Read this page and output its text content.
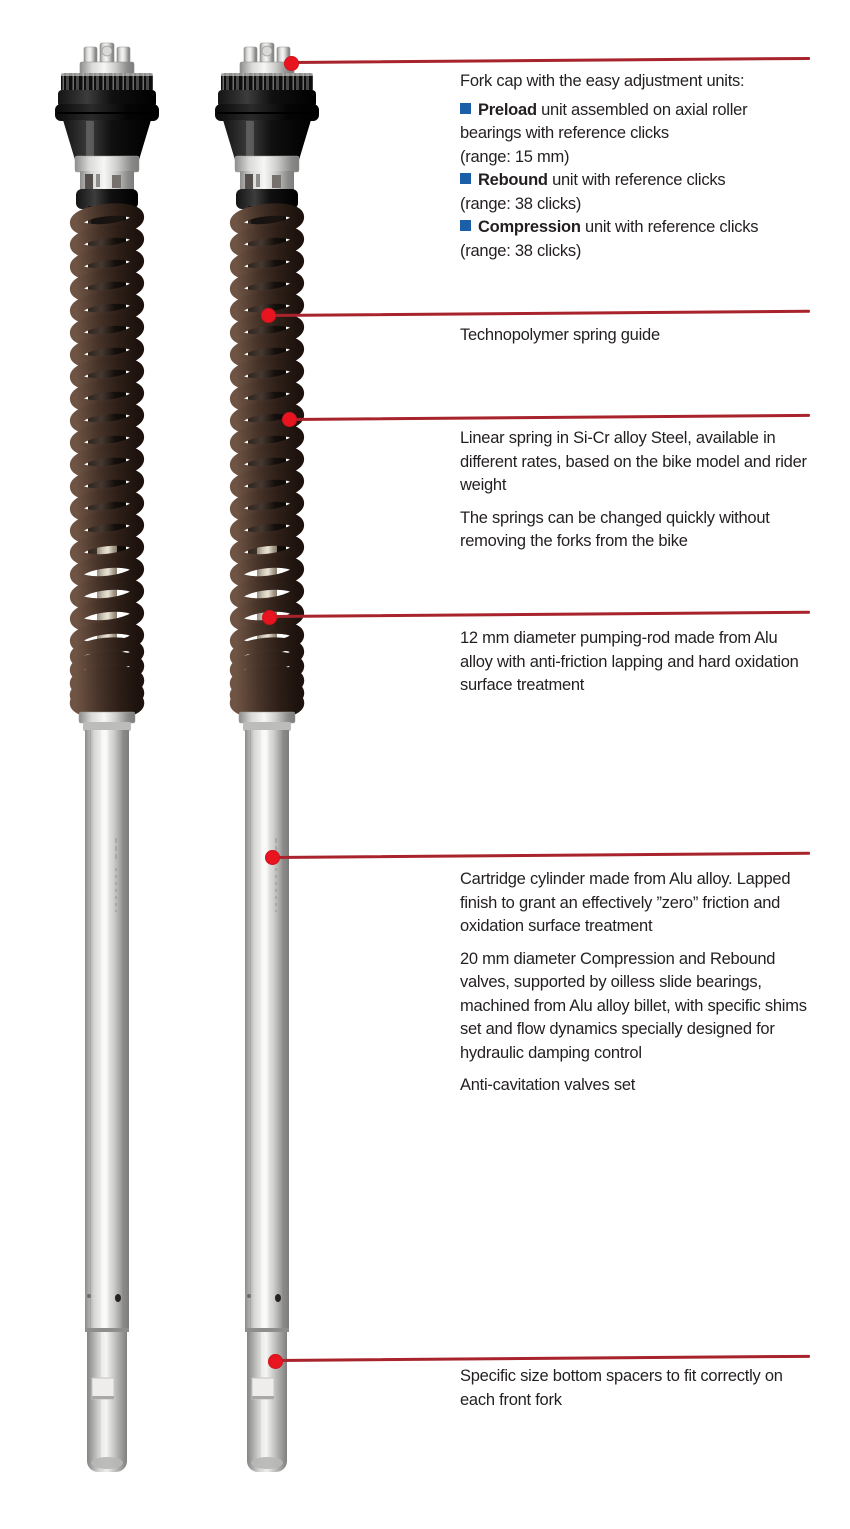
Fork cap with the easy adjustment units:

Preload unit assembled on axial roller bearings with reference clicks

(range: 15 mm)

Rebound unit with reference clicks

(range: 38 clicks)

Compression unit with reference clicks

(range: 38 clicks)

Technopolymer spring guide

Linear spring in Si-Cr alloy Steel, available in different rates, based on the bike model and rider weight

The springs can be changed quickly without removing the forks from the bike

12 mm diameter pumping-rod made from Alu alloy with anti-friction lapping and hard oxidation surface treatment

Cartridge cylinder made from Alu alloy. Lapped finish to grant an effectively ”zero” friction and oxidation surface treatment

20 mm diameter Compression and Rebound valves, supported by oilless slide bearings, machined from Alu alloy billet, with specific shims set and flow dynamics specially designed for hydraulic damping control

Anti-cavitation valves set

Specific size bottom spacers to fit correctly on each front fork
